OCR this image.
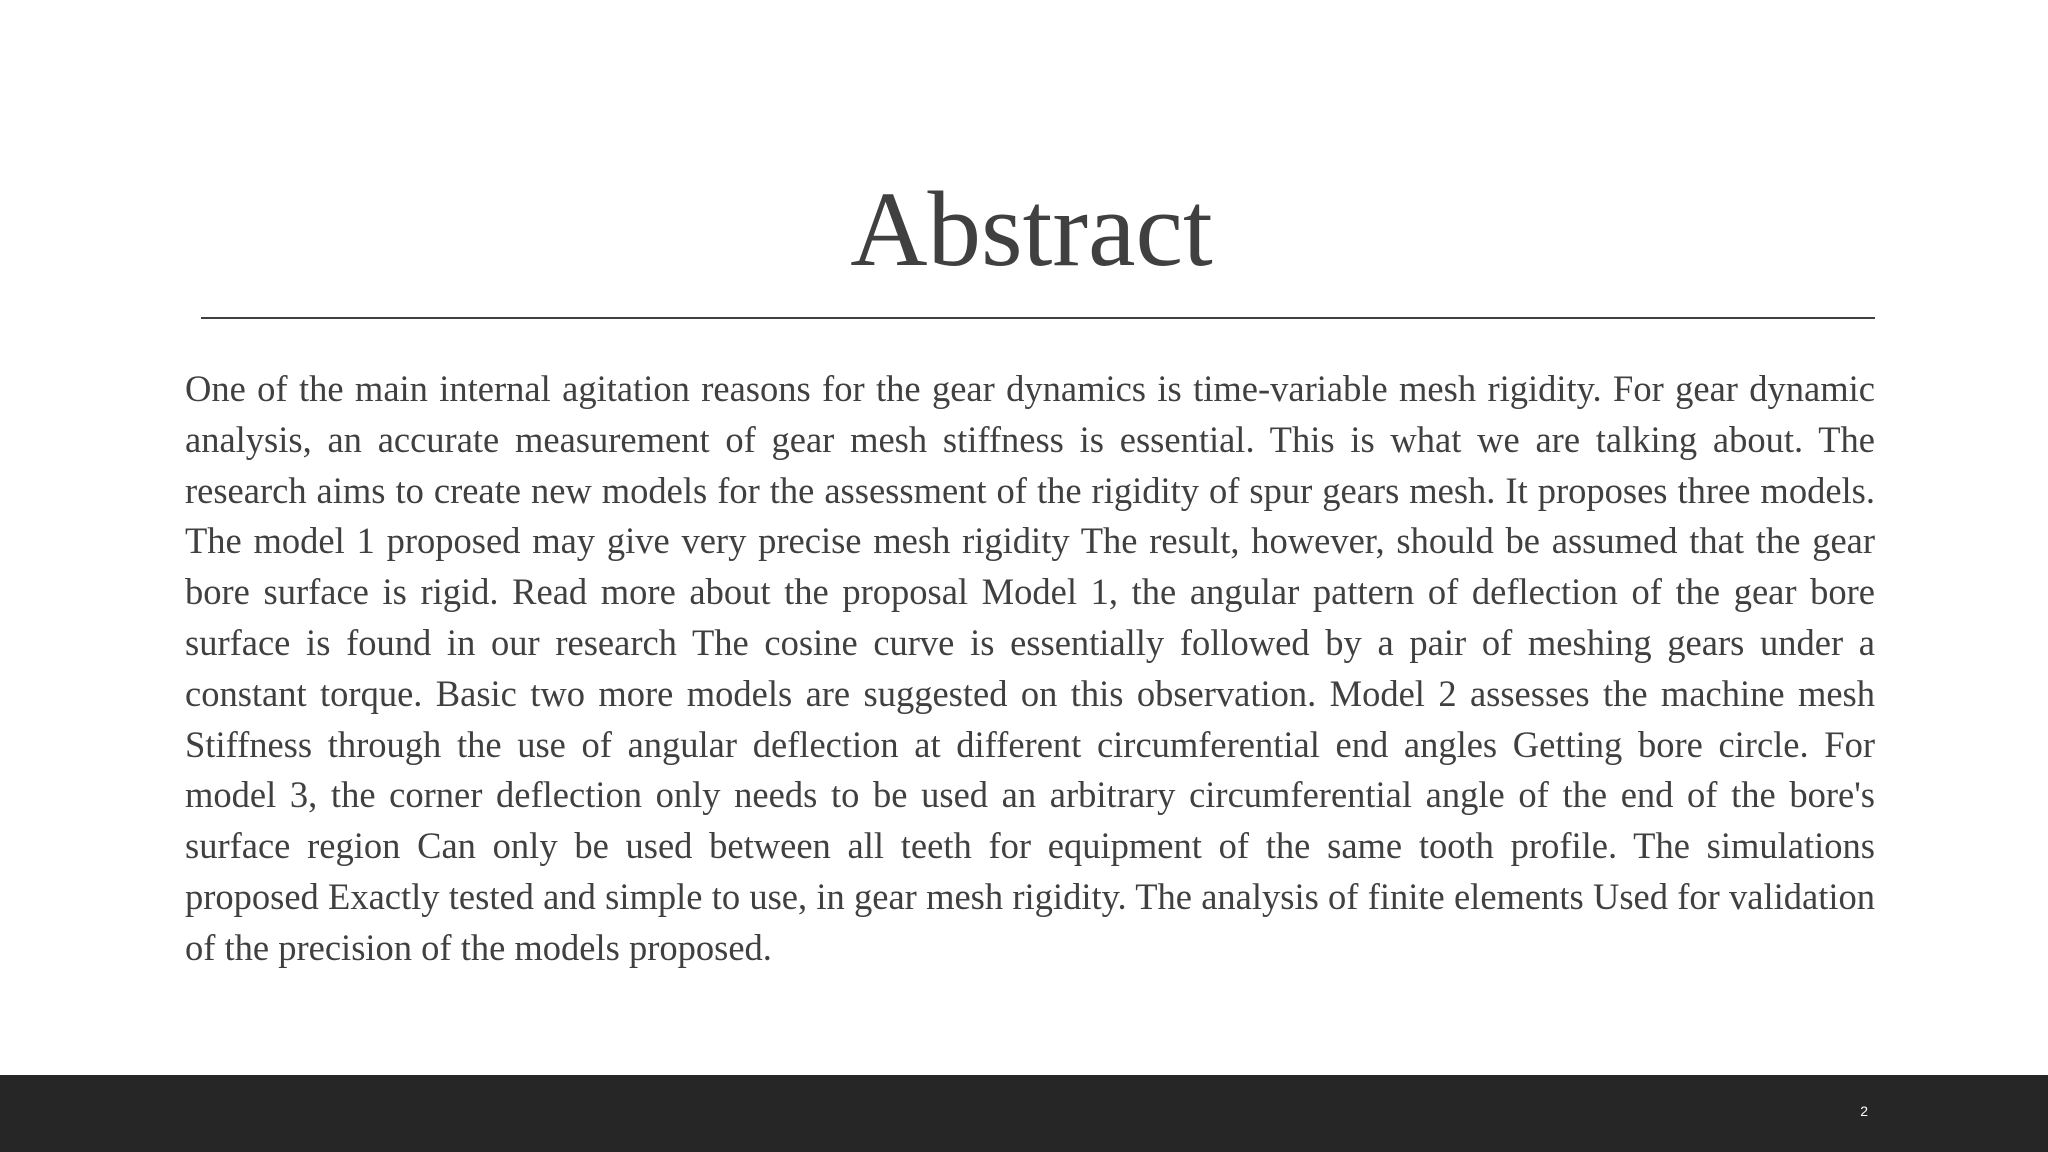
Abstract

One of the main internal agitation reasons for the gear dynamics is time-variable mesh rigidity. For gear dynamic analysis, an accurate measurement of gear mesh stiffness is essential. This is what we are talking about. The research aims to create new models for the assessment of the rigidity of spur gears mesh. It proposes three models. The model 1 proposed may give very precise mesh rigidity The result, however, should be assumed that the gear bore surface is rigid. Read more about the proposal Model 1, the angular pattern of deflection of the gear bore surface is found in our research The cosine curve is essentially followed by a pair of meshing gears under a constant torque. Basic two more models are suggested on this observation. Model 2 assesses the machine mesh Stiffness through the use of angular deflection at different circumferential end angles Getting bore circle. For model 3, the corner deflection only needs to be used an arbitrary circumferential angle of the end of the bore's surface region Can only be used between all teeth for equipment of the same tooth profile. The simulations proposed Exactly tested and simple to use, in gear mesh rigidity. The analysis of finite elements Used for validation of the precision of the models proposed.

2
